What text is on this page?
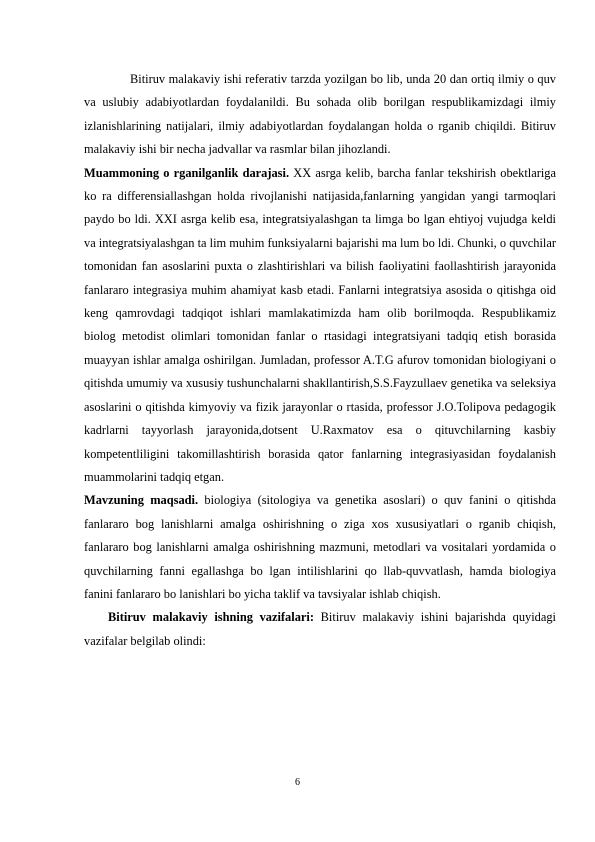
Bitiruv malakaviy ishi referativ tarzda yozilgan bo lib, unda 20 dan ortiq ilmiy o quv va uslubiy adabiyotlardan foydalanildi. Bu sohada olib borilgan respublikamizdagi ilmiy izlanishlarining natijalari, ilmiy adabiyotlardan foydalangan holda o rganib chiqildi. Bitiruv malakaviy ishi bir necha jadvallar va rasmlar bilan jihozlandi.

Muammoning o rganilganlik darajasi. XX asrga kelib, barcha fanlar tekshirish obektlariga ko ra differensiallashgan holda rivojlanishi natijasida,fanlarning yangidan yangi tarmoqlari paydo bo ldi. XXI asrga kelib esa, integratsiyalashgan ta limga bo lgan ehtiyoj vujudga keldi va integratsiyalashgan ta lim muhim funksiyalarni bajarishi ma lum bo ldi. Chunki, o quvchilar tomonidan fan asoslarini puxta o zlashtirishlari va bilish faoliyatini faollashtirish jarayonida fanlararo integrasiya muhim ahamiyat kasb etadi. Fanlarni integratsiya asosida o qitishga oid keng qamrovdagi tadqiqot ishlari mamlakatimizda ham olib borilmoqda. Respublikamiz biolog metodist olimlari tomonidan fanlar o rtasidagi integratsiyani tadqiq etish borasida muayyan ishlar amalga oshirilgan. Jumladan, professor A.T.G afurov tomonidan biologiyani o qitishda umumiy va xususiy tushunchalarni shakllantirish,S.S.Fayzullaev genetika va seleksiya asoslarini o qitishda kimyoviy va fizik jarayonlar o rtasida, professor J.O.Tolipova pedagogik kadrlarni tayyorlash jarayonida,dotsent U.Raxmatov esa o qituvchilarning kasbiy kompetentliligini takomillashtirish borasida qator fanlarning integrasiyasidan foydalanish muammolarini tadqiq etgan.

Mavzuning maqsadi. biologiya (sitologiya va genetika asoslari) o quv fanini o qitishda fanlararo bog lanishlarni amalga oshirishning o ziga xos xususiyatlari o rganib chiqish, fanlararo bog lanishlarni amalga oshirishning mazmuni, metodlari va vositalari yordamida o quvchilarning fanni egallashga bo lgan intilishlarini qo llab-quvvatlash, hamda biologiya fanini fanlararo bo lanishlari bo yicha taklif va tavsiyalar ishlab chiqish.

Bitiruv malakaviy ishning vazifalari: Bitiruv malakaviy ishini bajarishda quyidagi vazifalar belgilab olindi:

6
